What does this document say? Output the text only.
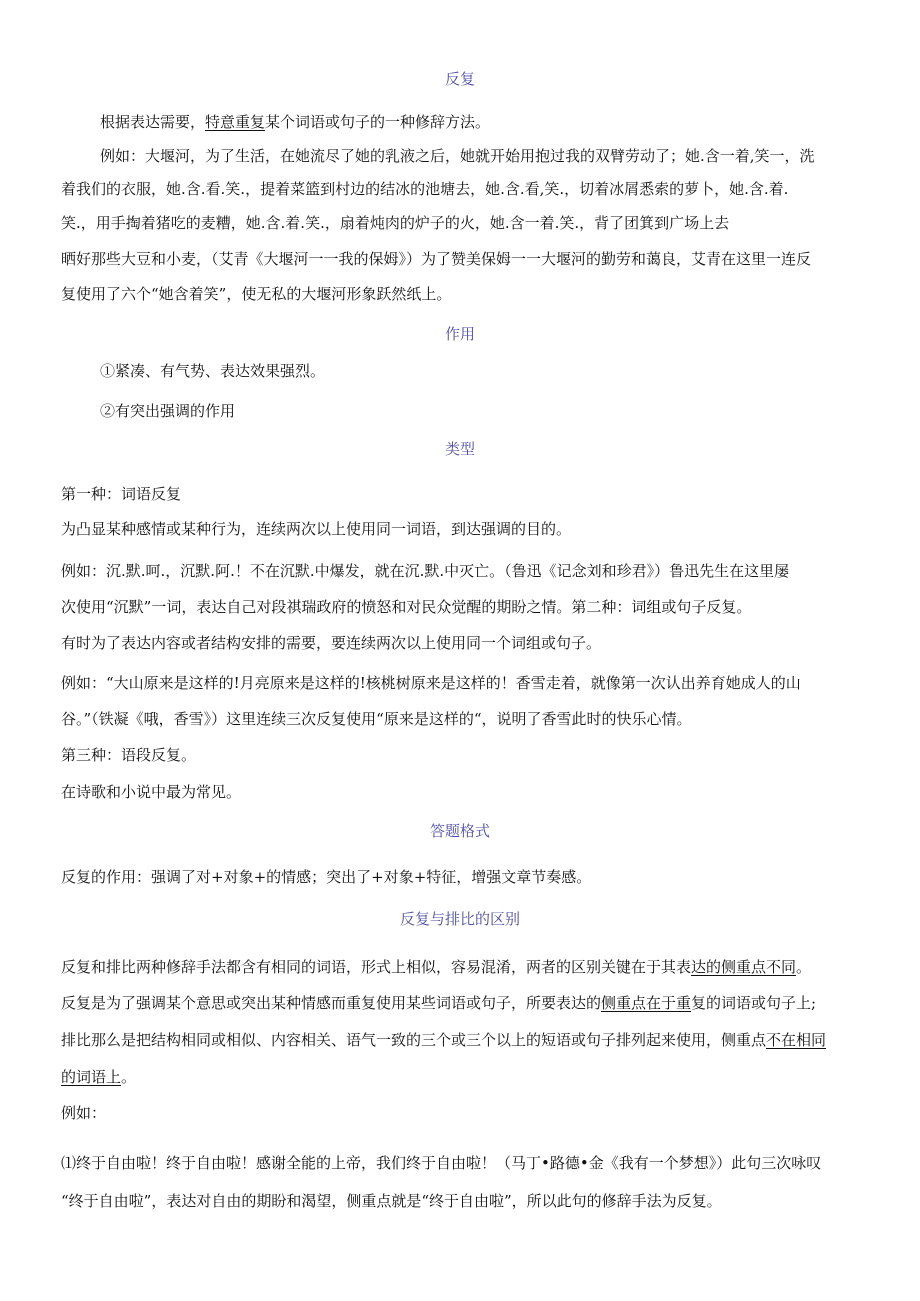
反复
根据表达需要，特意重复某个词语或句子的一种修辞方法。
例如：大堰河，为了生活，在她流尽了她的乳液之后，她就开始用抱过我的双臂劳动了；她.含一着,笑一，洗
着我们的衣服，她.含.看.笑.，提着菜篮到村边的结冰的池塘去，她.含.看,笑.，切着冰屑悉索的萝卜，她.含.着.
笑.，用手掏着猪吃的麦糟，她.含.着.笑.，扇着炖肉的炉子的火，她.含一着.笑.，背了团箕到广场上去
晒好那些大豆和小麦，（艾青《大堰河一一我的保姆》）为了赞美保姆一一大堰河的勤劳和蔼良，艾青在这里一连反
复使用了六个“她含着笑”，使无私的大堰河形象跃然纸上。
作用
①紧凑、有气势、表达效果强烈。
②有突出强调的作用
类型
第一种：词语反复
为凸显某种感情或某种行为，连续两次以上使用同一词语，到达强调的目的。
例如：沉.默.呵.，沉默.阿.！不在沉默.中爆发，就在沉.默.中灭亡。（鲁迅《记念刘和珍君》）鲁迅先生在这里屡
次使用“沉默”一词，表达自己对段祺瑞政府的愤怒和对民众觉醒的期盼之情。第二种：词组或句子反复。
有时为了表达内容或者结构安排的需要，要连续两次以上使用同一个词组或句子。
例如：“大山原来是这样的!月亮原来是这样的!核桃树原来是这样的！香雪走着，就像第一次认出养育她成人的山
谷。”（铁凝《哦，香雪》）这里连续三次反复使用“原来是这样的“，说明了香雪此时的快乐心情。
第三种：语段反复。
在诗歌和小说中最为常见。
答题格式
反复的作用：强调了对+对象+的情感；突出了+对象+特征，增强文章节奏感。
反复与排比的区别
反复和排比两种修辞手法都含有相同的词语，形式上相似，容易混淆，两者的区别关键在于其表达的侧重点不同。
反复是为了强调某个意思或突出某种情感而重复使用某些词语或句子，所要表达的侧重点在于重复的词语或句子上;
排比那么是把结构相同或相似、内容相关、语气一致的三个或三个以上的短语或句子排列起来使用，侧重点不在相同
的词语上。
例如：
⑴终于自由啦！终于自由啦！感谢全能的上帝，我们终于自由啦！（马丁•路德•金《我有一个梦想》）此句三次咏叹
“终于自由啦”，表达对自由的期盼和渴望，侧重点就是“终于自由啦”，所以此句的修辞手法为反复。
